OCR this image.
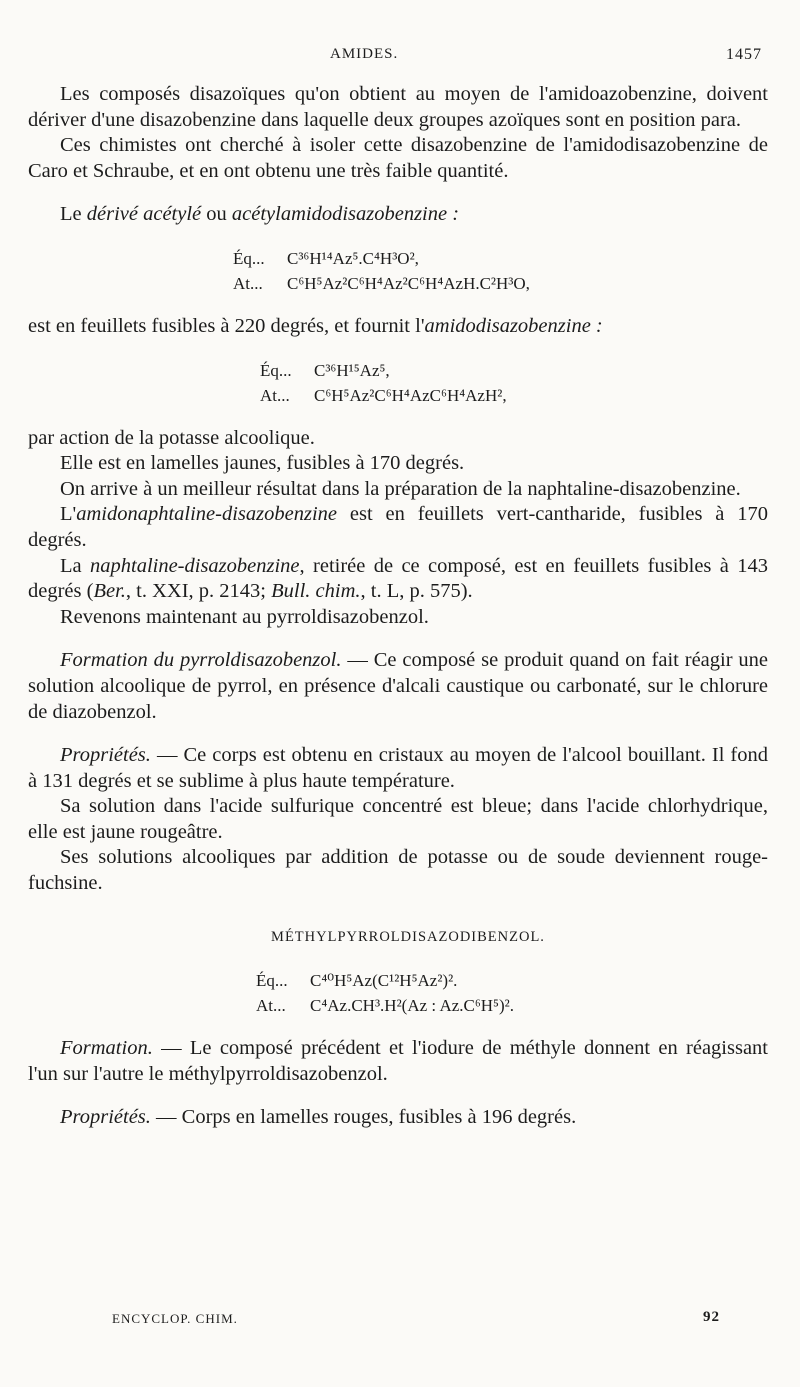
AMIDES.	1457

Les composés disazoïques qu'on obtient au moyen de l'amidoazobenzine, doivent dériver d'une disazobenzine dans laquelle deux groupes azoïques sont en position para.

Ces chimistes ont cherché à isoler cette disazobenzine de l'amidodisazobenzine de Caro et Schraube, et en ont obtenu une très faible quantité.

Le dérivé acétylé ou acétylamidodisazobenzine :

Éq... C³⁶H¹⁴Az⁵.C⁴H³O²,
At... C⁶H⁵Az²C⁶H⁴Az²C⁶H⁴AzH.C²H³O,

est en feuillets fusibles à 220 degrés, et fournit l'amidodisazobenzine :

Éq... C³⁶H¹⁵Az⁵,
At... C⁶H⁵Az²C⁶H⁴AzC⁶H⁴AzH²,

par action de la potasse alcoolique.

Elle est en lamelles jaunes, fusibles à 170 degrés.

On arrive à un meilleur résultat dans la préparation de la naphtaline-disazobenzine.

L'amidonaphtaline-disazobenzine est en feuillets vert-cantharide, fusibles à 170 degrés.

La naphtaline-disazobenzine, retirée de ce composé, est en feuillets fusibles à 143 degrés (Ber., t. XXI, p. 2143; Bull. chim., t. L, p. 575).

Revenons maintenant au pyrroldisazobenzol.

Formation du pyrroldisazobenzol. — Ce composé se produit quand on fait réagir une solution alcoolique de pyrrol, en présence d'alcali caustique ou carbonaté, sur le chlorure de diazobenzol.

Propriétés. — Ce corps est obtenu en cristaux au moyen de l'alcool bouillant. Il fond à 131 degrés et se sublime à plus haute température.

Sa solution dans l'acide sulfurique concentré est bleue; dans l'acide chlorhydrique, elle est jaune rougeâtre.

Ses solutions alcooliques par addition de potasse ou de soude deviennent rouge-fuchsine.

MÉTHYLPYRROLDISAZODIBENZOL.

Éq... C⁴⁰H⁵Az(C¹²H⁵Az²)².
At... C⁴Az.CH³.H²(Az : Az.C⁶H⁵)².

Formation. — Le composé précédent et l'iodure de méthyle donnent en réagissant l'un sur l'autre le méthylpyrroldisazobenzol.

Propriétés. — Corps en lamelles rouges, fusibles à 196 degrés.

ENCYCLOP. CHIM.	92
